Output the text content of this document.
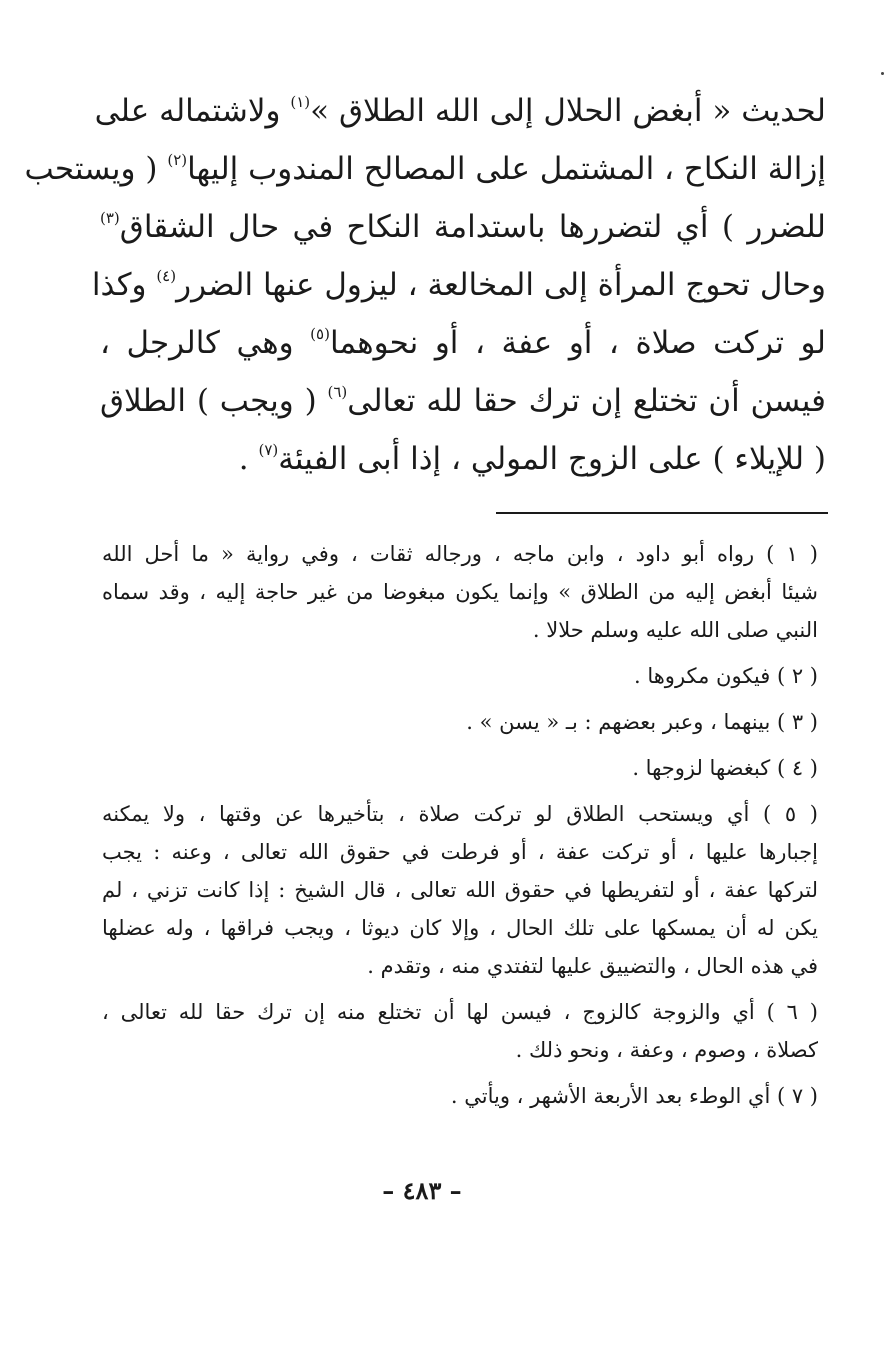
لحديث « أبغض الحلال إلى الله الطلاق »$^{(١)}$ ولاشتماله على
إزالة النكاح ، المشتمل على المصالح المندوب إليها$^{(٢)}$ ( ويستحب
للضرر ) أي لتضررها باستدامة النكاح في حال الشقاق$^{(٣)}$
وحال تحوج المرأة إلى المخالعة ، ليزول عنها الضرر$^{(٤)}$ وكذا
لو تركت صلاة ، أو عفة ، أو نحوهما$^{(٥)}$ وهي كالرجل ،
فيسن أن تختلع إن ترك حقا لله تعالى$^{(٦)}$ ( ويجب ) الطلاق
( للإيلاء ) على الزوج المولي ، إذا أبى الفيئة$^{(٧)}$ .
( ١ ) رواه أبو داود ، وابن ماجه ، ورجاله ثقات ، وفي رواية « ما أحل الله
شيئا أبغض إليه من الطلاق » وإنما يكون مبغوضا من غير حاجة إليه ، وقد سماه
النبي صلى الله عليه وسلم حلالا .
( ٢ ) فيكون مكروها .
( ٣ ) بينهما ، وعبر بعضهم : بـ « يسن » .
( ٤ ) كبغضها لزوجها .
( ٥ ) أي ويستحب الطلاق لو تركت صلاة ، بتأخيرها عن وقتها ، ولا يمكنه
إجبارها عليها ، أو تركت عفة ، أو فرطت في حقوق الله تعالى ، وعنه : يجب
لتركها عفة ، أو لتفريطها في حقوق الله تعالى ، قال الشيخ : إذا كانت تزني ، لم
يكن له أن يمسكها على تلك الحال ، وإلا كان ديوثا ، ويجب فراقها ، وله عضلها
في هذه الحال ، والتضييق عليها لتفتدي منه ، وتقدم .
( ٦ ) أي والزوجة كالزوج ، فيسن لها أن تختلع منه إن ترك حقا لله تعالى ،
كصلاة ، وصوم ، وعفة ، ونحو ذلك .
( ٧ ) أي الوطء بعد الأربعة الأشهر ، ويأتي .
– ٤٨٣ –
